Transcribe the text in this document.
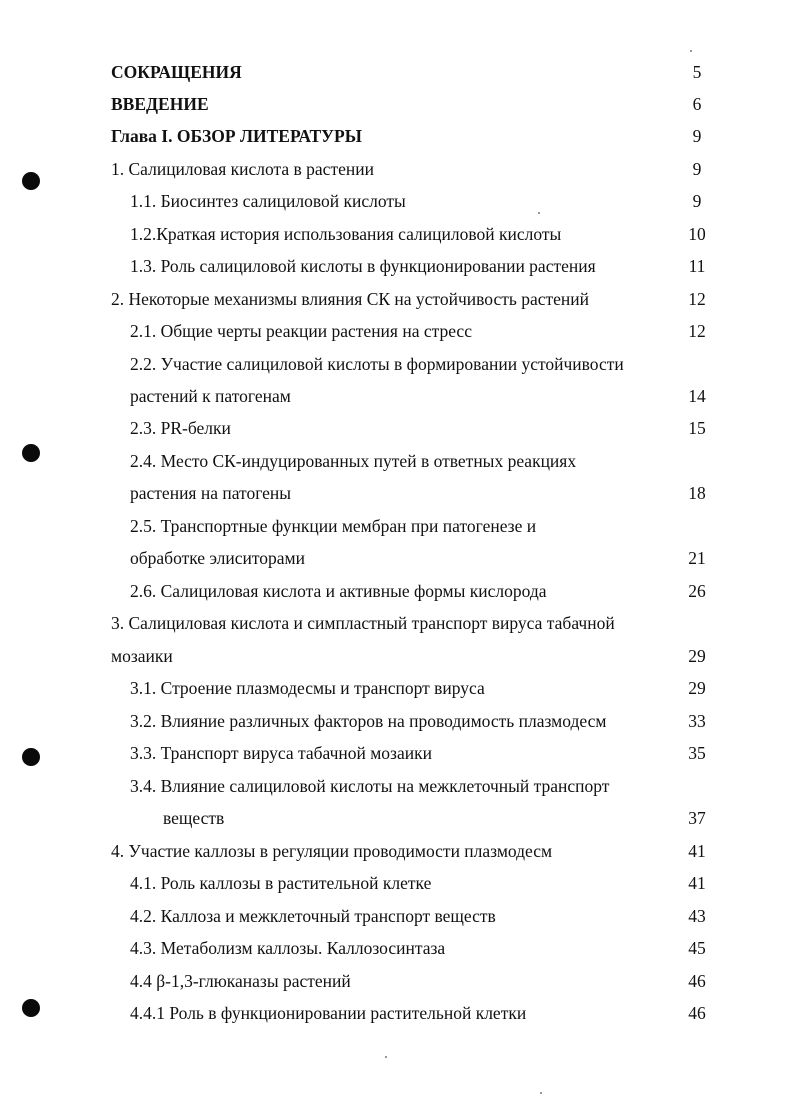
СОКРАЩЕНИЯ	5
ВВЕДЕНИЕ	6
Глава I. ОБЗОР ЛИТЕРАТУРЫ	9
1. Салициловая кислота в растении	9
1.1. Биосинтез салициловой кислоты	9
1.2.Краткая история использования салициловой кислоты	10
1.3. Роль салициловой кислоты в функционировании растения	11
2. Некоторые механизмы влияния СК на устойчивость растений	12
2.1. Общие черты реакции растения на стресс	12
2.2. Участие салициловой кислоты в формировании устойчивости
растений к патогенам	14
2.3. PR-белки	15
2.4. Место СК-индуцированных путей в ответных реакциях
растения на патогены	18
2.5. Транспортные функции мембран при патогенезе и
обработке элиситорами	21
2.6. Салициловая кислота и активные формы кислорода	26
3. Салициловая кислота и симпластный транспорт вируса табачной
мозаики	29
3.1. Строение плазмодесмы и транспорт вируса	29
3.2. Влияние различных факторов на проводимость плазмодесм	33
3.3. Транспорт вируса табачной мозаики	35
3.4. Влияние салициловой кислоты на межклеточный транспорт
веществ	37
4. Участие каллозы в регуляции проводимости плазмодесм	41
4.1. Роль каллозы в растительной клетке	41
4.2. Каллоза и межклеточный транспорт веществ	43
4.3. Метаболизм каллозы. Каллозосинтаза	45
4.4 β-1,3-глюканазы растений	46
4.4.1 Роль в функционировании растительной клетки	46
